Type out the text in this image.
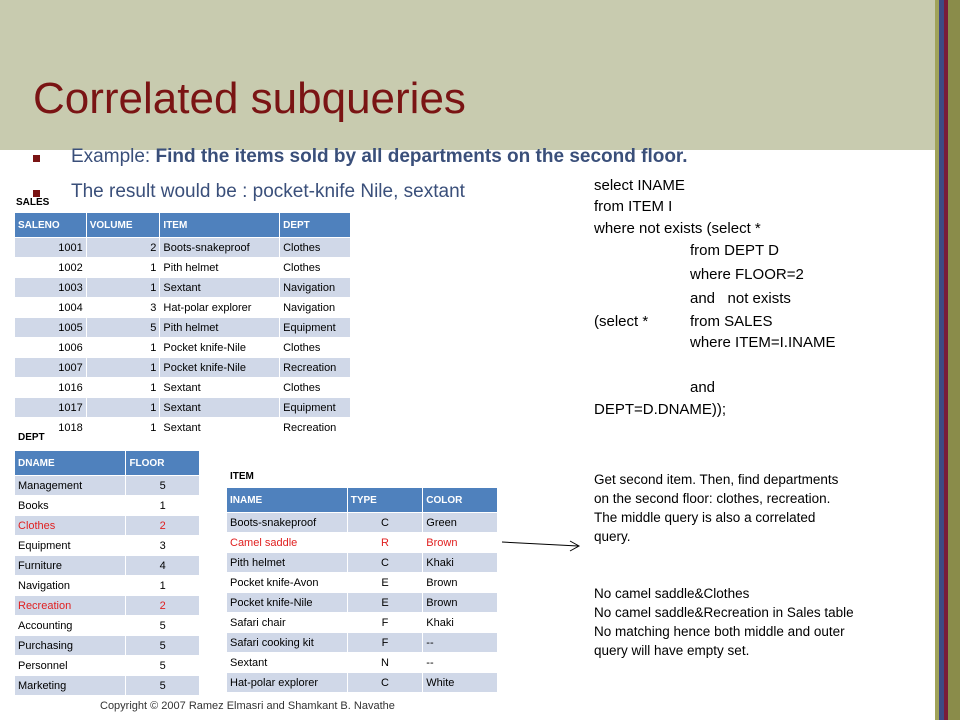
Correlated subqueries
Example: Find the items sold by all departments on the second floor.
The result would be : pocket-knife Nile, sextant
SALES
SALENO	VOLUME	ITEM	DEPT
1001	2	Boots-snakeproof	Clothes
1002	1	Pith helmet	Clothes
1003	1	Sextant	Navigation
1004	3	Hat-polar explorer	Navigation
1005	5	Pith helmet	Equipment
1006	1	Pocket knife-Nile	Clothes
1007	1	Pocket knife-Nile	Recreation
1016	1	Sextant	Clothes
1017	1	Sextant	Equipment
1018	1	Sextant	Recreation
DEPT
DNAME	FLOOR
Management	5
Books	1
Clothes	2
Equipment	3
Furniture	4
Navigation	1
Recreation	2
Accounting	5
Purchasing	5
Personnel	5
Marketing	5
ITEM
INAME	TYPE	COLOR
Boots-snakeproof	C	Green
Camel saddle	R	Brown
Pith helmet	C	Khaki
Pocket knife-Avon	E	Brown
Pocket knife-Nile	E	Brown
Safari chair	F	Khaki
Safari cooking kit	F	--
Sextant	N	--
Hat-polar explorer	C	White
select INAME
from ITEM I
where not exists (select *
from DEPT D
where FLOOR=2
and   not exists
(select *	from SALES
where ITEM=I.INAME
and
DEPT=D.DNAME));
Get second item. Then, find departments
on the second floor: clothes, recreation.
The middle query is also a correlated
query.
No camel saddle&Clothes
No camel saddle&Recreation in Sales table
No matching hence both middle and outer
query will have empty set.
Copyright © 2007 Ramez Elmasri and Shamkant B. Navathe
